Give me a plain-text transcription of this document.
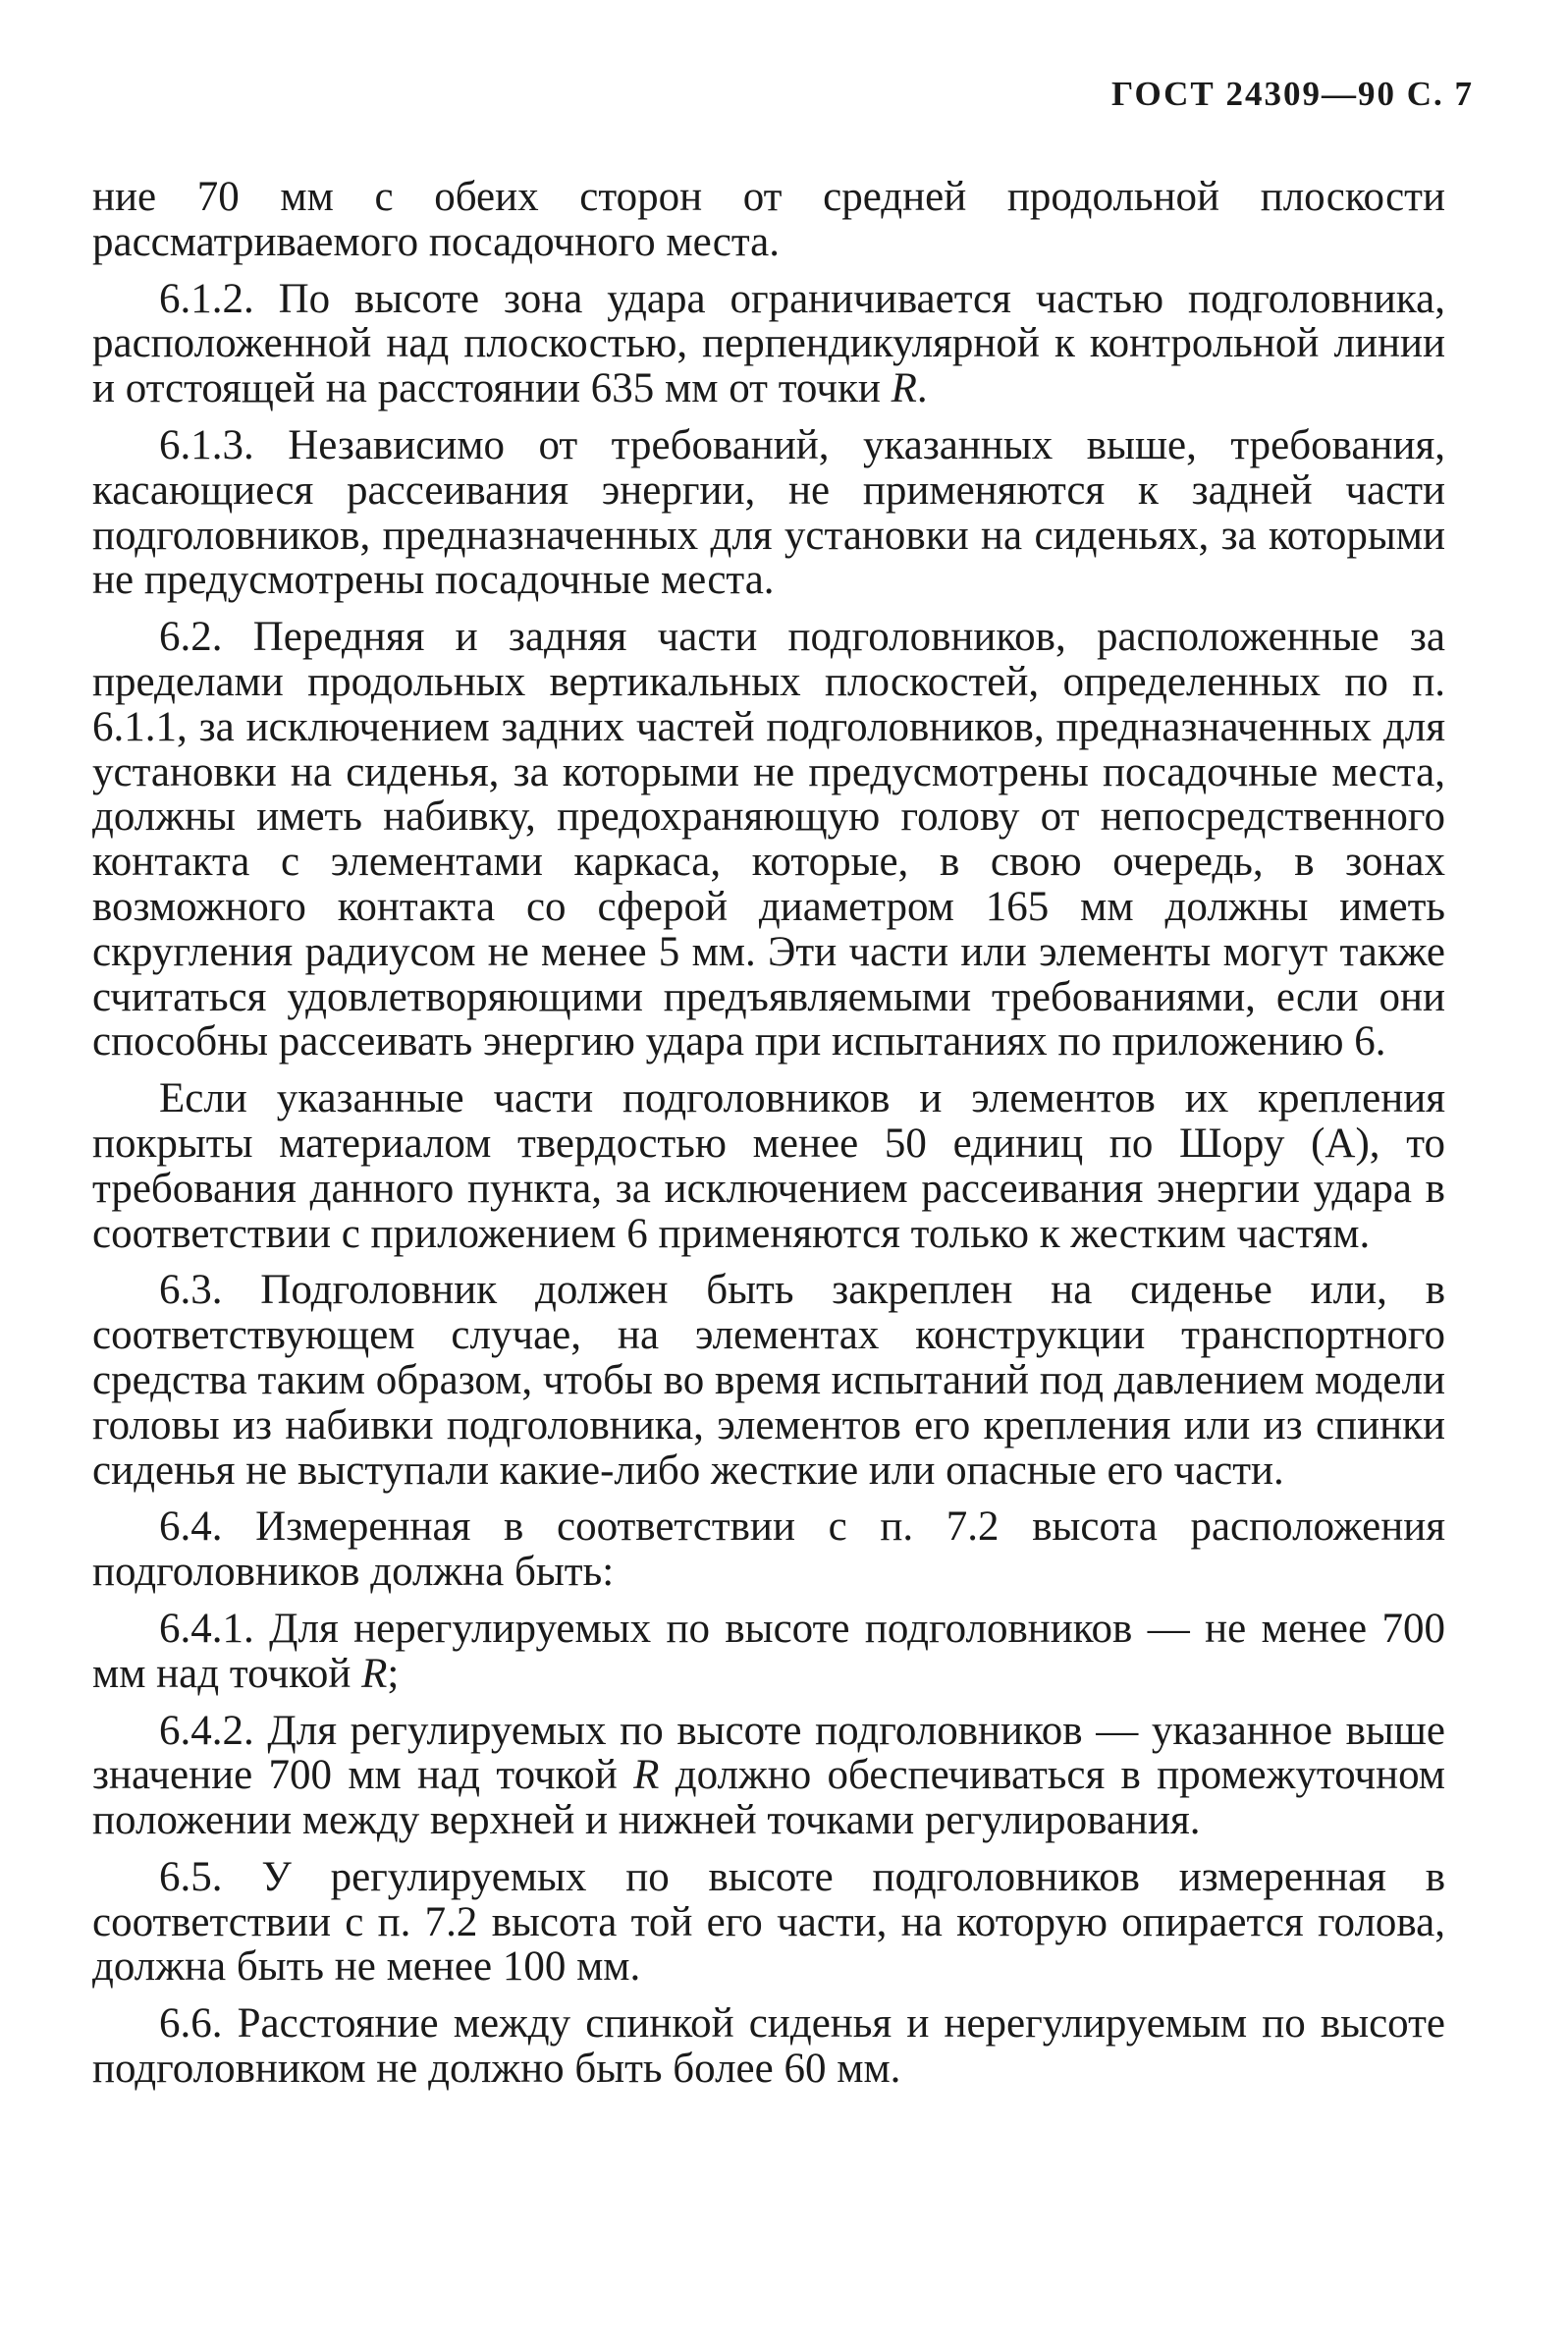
ГОСТ 24309—90 С. 7

ние 70 мм с обеих сторон от средней продольной плоскости рассматриваемого посадочного места.

6.1.2. По высоте зона удара ограничивается частью подголовника, расположенной над плоскостью, перпендикулярной к контрольной линии и отстоящей на расстоянии 635 мм от точки R.

6.1.3. Независимо от требований, указанных выше, требования, касающиеся рассеивания энергии, не применяются к задней части подголовников, предназначенных для установки на сиденьях, за которыми не предусмотрены посадочные места.

6.2. Передняя и задняя части подголовников, расположенные за пределами продольных вертикальных плоскостей, определенных по п. 6.1.1, за исключением задних частей подголовников, предназначенных для установки на сиденья, за которыми не предусмотрены посадочные места, должны иметь набивку, предохраняющую голову от непосредственного контакта с элементами каркаса, которые, в свою очередь, в зонах возможного контакта со сферой диаметром 165 мм должны иметь скругления радиусом не менее 5 мм. Эти части или элементы могут также считаться удовлетворяющими предъявляемыми требованиями, если они способны рассеивать энергию удара при испытаниях по приложению 6.

Если указанные части подголовников и элементов их крепления покрыты материалом твердостью менее 50 единиц по Шору (А), то требования данного пункта, за исключением рассеивания энергии удара в соответствии с приложением 6 применяются только к жестким частям.

6.3. Подголовник должен быть закреплен на сиденье или, в соответствующем случае, на элементах конструкции транспортного средства таким образом, чтобы во время испытаний под давлением модели головы из набивки подголовника, элементов его крепления или из спинки сиденья не выступали какие-либо жесткие или опасные его части.

6.4. Измеренная в соответствии с п. 7.2 высота расположения подголовников должна быть:

6.4.1. Для нерегулируемых по высоте подголовников — не менее 700 мм над точкой R;

6.4.2. Для регулируемых по высоте подголовников — указанное выше значение 700 мм над точкой R должно обеспечиваться в промежуточном положении между верхней и нижней точками регулирования.

6.5. У регулируемых по высоте подголовников измеренная в соответствии с п. 7.2 высота той его части, на которую опирается голова, должна быть не менее 100 мм.

6.6. Расстояние между спинкой сиденья и нерегулируемым по высоте подголовником не должно быть более 60 мм.
